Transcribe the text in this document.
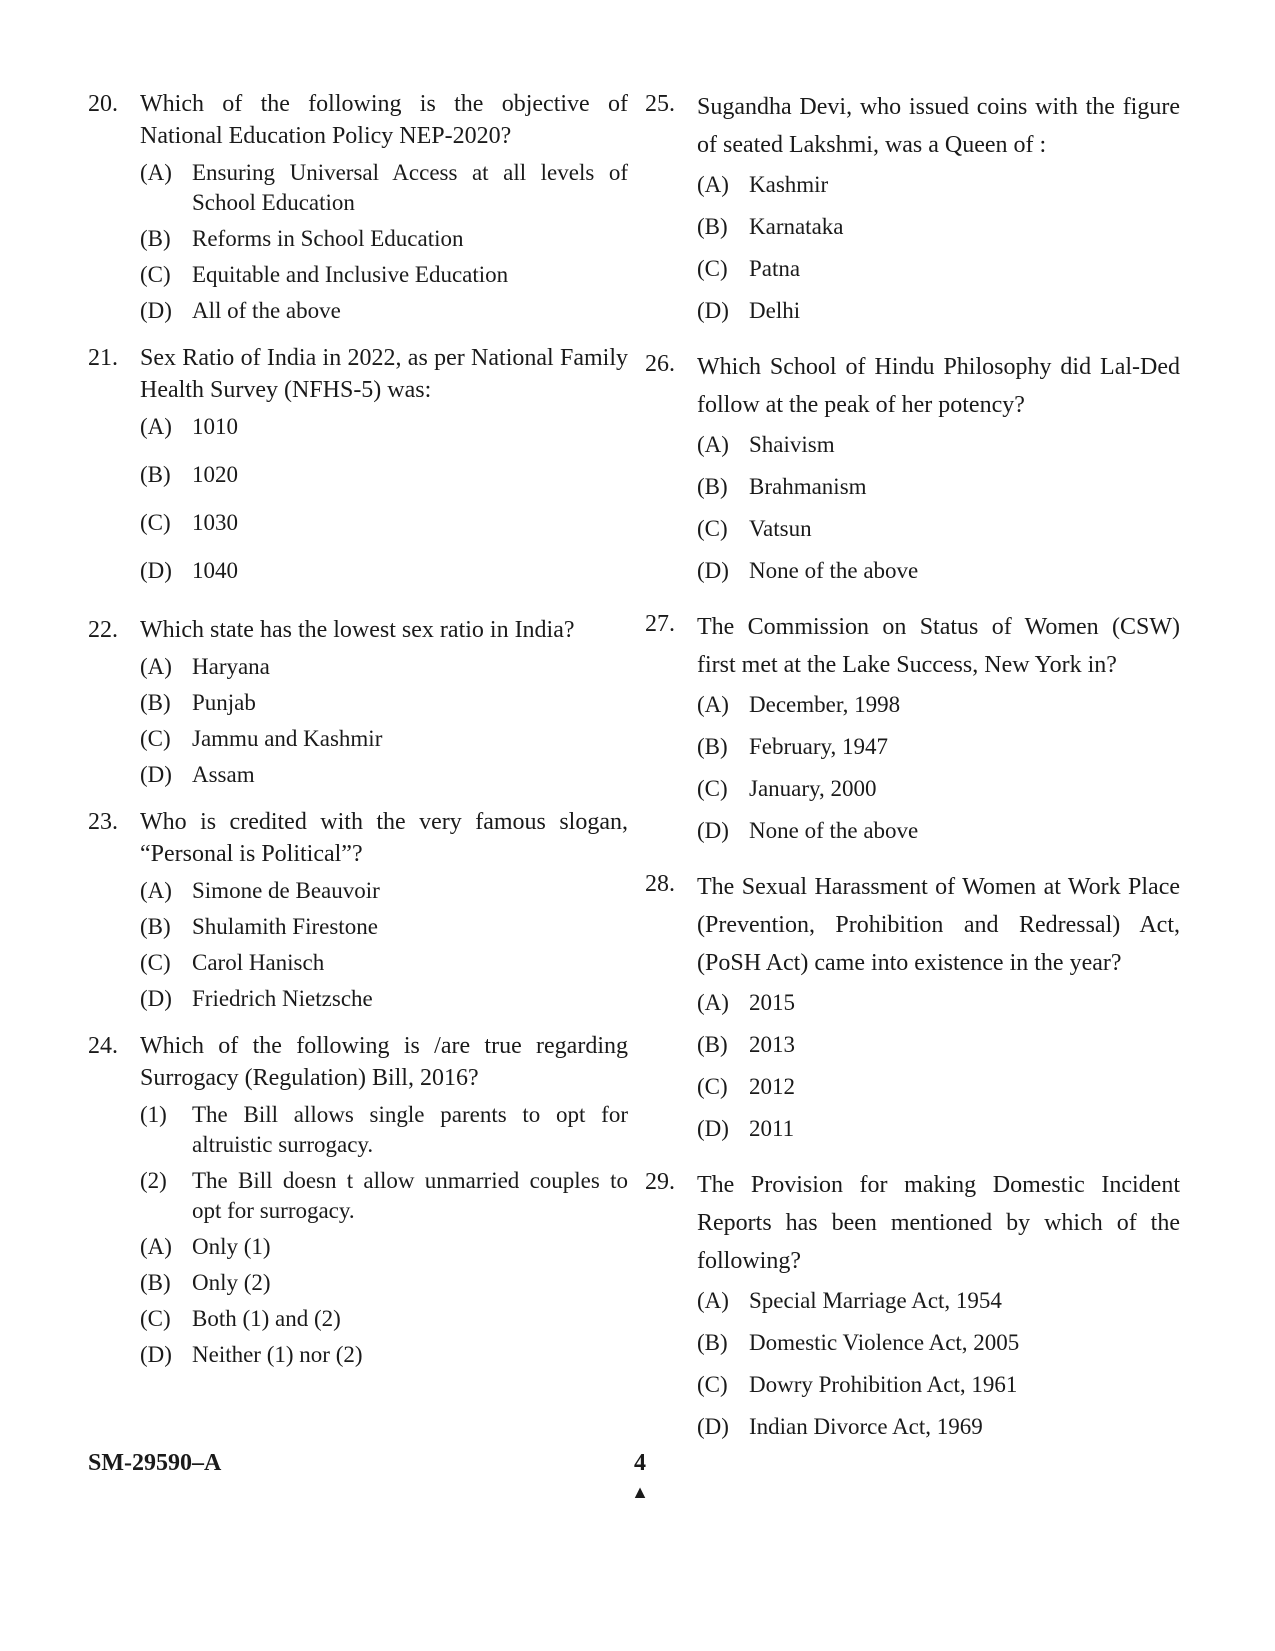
20. Which of the following is the objective of National Education Policy NEP-2020?

(A) Ensuring Universal Access at all levels of School Education
(B) Reforms in School Education
(C) Equitable and Inclusive Education
(D) All of the above
21. Sex Ratio of India in 2022, as per National Family Health Survey (NFHS-5) was:

(A) 1010
(B) 1020
(C) 1030
(D) 1040
22. Which state has the lowest sex ratio in India?

(A) Haryana
(B) Punjab
(C) Jammu and Kashmir
(D) Assam
23. Who is credited with the very famous slogan, “Personal is Political”?

(A) Simone de Beauvoir
(B) Shulamith Firestone
(C) Carol Hanisch
(D) Friedrich Nietzsche
24. Which of the following is /are true regarding Surrogacy (Regulation) Bill, 2016?

(1)	The Bill allows single parents to opt for altruistic surrogacy.
(2)	The Bill doesn t allow unmarried couples to opt for surrogacy.
(A) Only (1)
(B) Only (2)
(C) Both (1) and (2)
(D) Neither (1) nor (2)
25. Sugandha Devi, who issued coins with the figure of seated Lakshmi, was a Queen of :

(A) Kashmir
(B) Karnataka
(C) Patna
(D) Delhi
26. Which School of Hindu Philosophy did Lal-Ded follow at the peak of her potency?

(A) Shaivism
(B) Brahmanism
(C) Vatsun
(D) None of the above
27. The Commission on Status of Women (CSW) first met at the Lake Success, New York in?

(A) December, 1998
(B) February, 1947
(C) January, 2000
(D) None of the above
28. The Sexual Harassment of Women at Work Place (Prevention, Prohibition and Redressal) Act, (PoSH Act) came into existence in the year?

(A) 2015
(B) 2013
(C) 2012
(D) 2011
29. The Provision for making Domestic Incident Reports has been mentioned by which of the following?

(A) Special Marriage Act, 1954
(B) Domestic Violence Act, 2005
(C) Dowry Prohibition Act, 1961
(D) Indian Divorce Act, 1969
SM-29590–A	4
▲
